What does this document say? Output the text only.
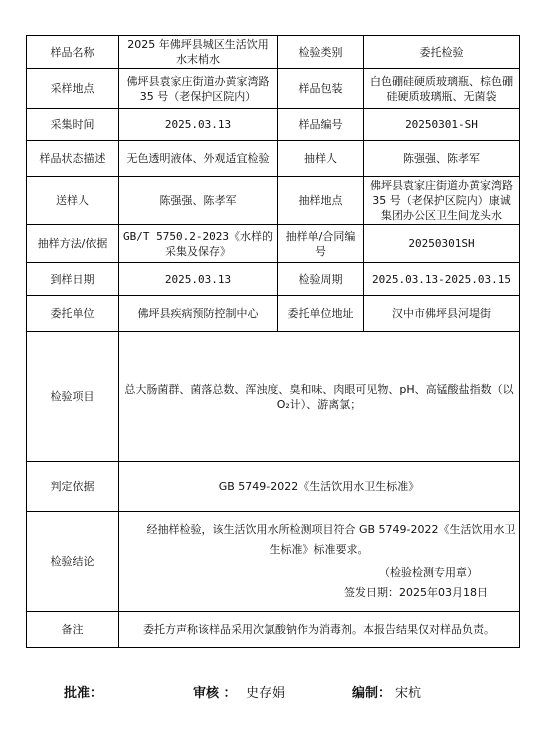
样品名称	2025 年佛坪县城区生活饮用水末梢水	检验类别	委托检验
采样地点	佛坪县袁家庄街道办黄家湾路 35 号（老保护区院内）	样品包装	白色硼硅硬质玻璃瓶、棕色硼硅硬质玻璃瓶、无菌袋
采集时间	2025.03.13	样品编号	20250301-SH
样品状态描述	无色透明液体、外观适宜检验	抽样人	陈强强、陈孝军
送样人	陈强强、陈孝军	抽样地点	佛坪县袁家庄街道办黄家湾路 35 号（老保护区院内）康诚集团办公区卫生间龙头水
抽样方法/依据	GB/T 5750.2-2023《水样的采集及保存》	抽样单/合同编号	20250301SH
到样日期	2025.03.13	检验周期	2025.03.13-2025.03.15
委托单位	佛坪县疾病预防控制中心	委托单位地址	汉中市佛坪县河堤街
检验项目	总大肠菌群、菌落总数、浑浊度、臭和味、肉眼可见物、pH、高锰酸盐指数（以 O₂计）、游离氯；		
判定依据	GB 5749-2022《生活饮用水卫生标准》		
检验结论	经抽样检验，该生活饮用水所检测项目符合 GB 5749-2022《生活饮用水卫生标准》标准要求。
（检验检测专用章）
签发日期：2025年03月18日		

备注	委托方声称该样品采用次氯酸钠作为消毒剂。本报告结果仅对样品负责。		
批准：	审核 ： 史存娟	编制： 宋杭
